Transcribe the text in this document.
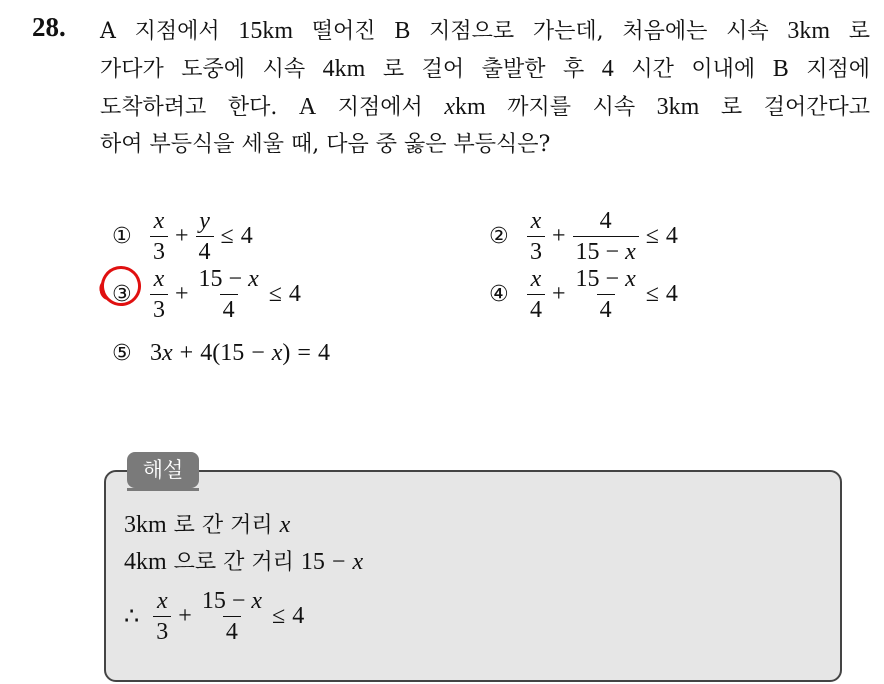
28. A 지점에서 15km 떨어진 B 지점으로 가는데, 처음에는 시속 3km 로
가다가 도중에 시속 4km 로 걸어 출발한 후 4 시간 이내에 B 지점에
도착하려고 한다. A 지점에서 xkm 까지를 시속 3km 로 걸어간다고
하여 부등식을 세울 때, 다음 중 옳은 부등식은?
① $\frac{x}{3} + \frac{y}{4} \le 4$	② $\frac{x}{3} + \frac{4}{15 - x} \le 4$
③ $\frac{x}{3} + \frac{15 - x}{4} \le 4$	④ $\frac{x}{4} + \frac{15 - x}{4} \le 4$
⑤ 3 x + 4(15 − x ) = 4
해설
3km 로 간 거리 x
4km 으로 간 거리 15 − x
∴ $\frac{x}{3} + \frac{15 - x}{4} \le 4$
